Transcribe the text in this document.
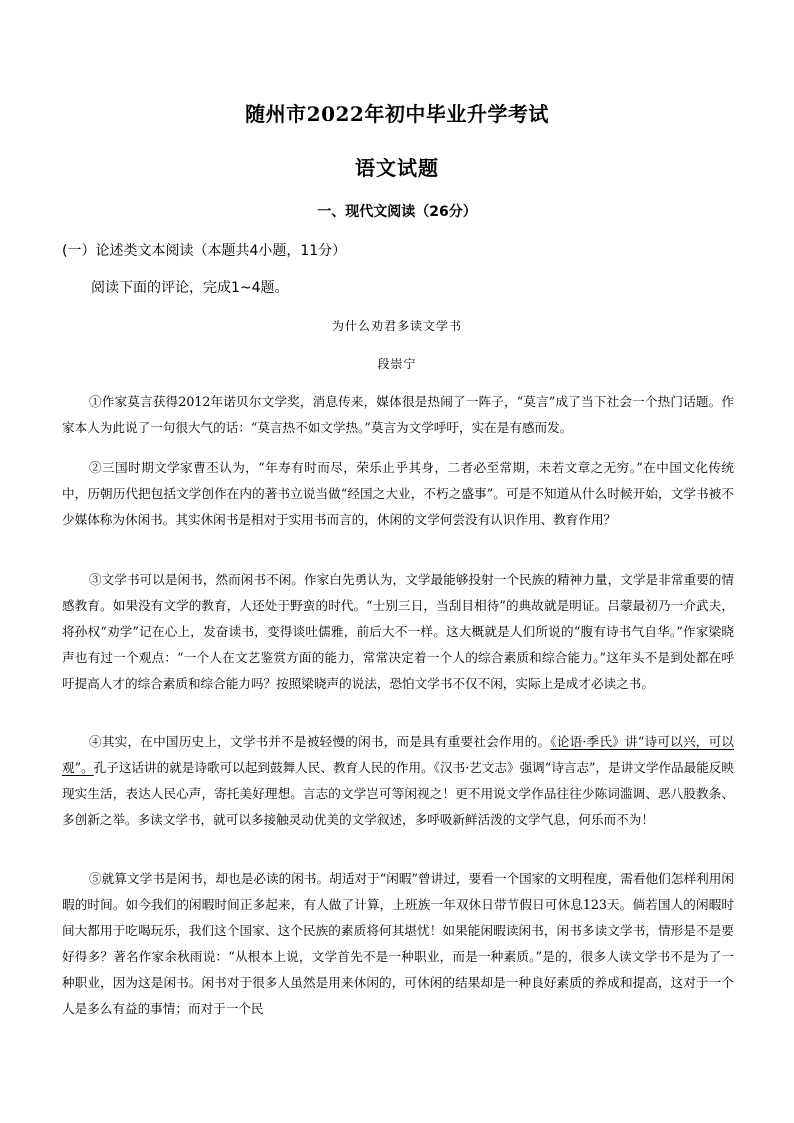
随州市2022年初中毕业升学考试
语文试题
一、现代文阅读（26分）
(一）论述类文本阅读（本题共4小题，11分）
阅读下面的评论，完成1~4题。
为什么劝君多读文学书
段崇宁

①作家莫言获得2012年诺贝尔文学奖，消息传来，媒体很是热闹了一阵子，“莫言”成了当下社会一个热门话题。作家本人为此说了一句很大气的话：“莫言热不如文学热。”莫言为文学呼吁，实在是有感而发。

②三国时期文学家曹丕认为，“年寿有时而尽，荣乐止乎其身，二者必至常期，未若文章之无穷。”在中国文化传统中，历朝历代把包括文学创作在内的著书立说当做“经国之大业，不朽之盛事”。可是不知道从什么时候开始，文学书被不少媒体称为休闲书。其实休闲书是相对于实用书而言的，休闲的文学何尝没有认识作用、教育作用？

③文学书可以是闲书，然而闲书不闲。作家白先勇认为，文学最能够投射一个民族的精神力量，文学是非常重要的情感教育。如果没有文学的教育，人还处于野蛮的时代。“士别三日，当刮目相待”的典故就是明证。吕蒙最初乃一介武夫，将孙权“劝学”记在心上，发奋读书，变得谈吐儒雅，前后大不一样。这大概就是人们所说的“腹有诗书气自华。”作家梁晓声也有过一个观点：“一个人在文艺鉴赏方面的能力，常常决定着一个人的综合素质和综合能力。”这年头不是到处都在呼吁提高人才的综合素质和综合能力吗？按照梁晓声的说法，恐怕文学书不仅不闲，实际上是成才必读之书。

④其实，在中国历史上，文学书并不是被轻慢的闲书，而是具有重要社会作用的。《论语·季氏》讲“诗可以兴，可以观”。孔子这话讲的就是诗歌可以起到鼓舞人民、教育人民的作用。《汉书·艺文志》强调“诗言志”，是讲文学作品最能反映现实生活，表达人民心声，寄托美好理想。言志的文学岂可等闲视之！更不用说文学作品往往少陈词滥调、恶八股教条、多创新之举。多读文学书，就可以多接触灵动优美的文学叙述，多呼吸新鲜活泼的文学气息，何乐而不为！

⑤就算文学书是闲书，却也是必读的闲书。胡适对于“闲暇”曾讲过，要看一个国家的文明程度，需看他们怎样利用闲暇的时间。如今我们的闲暇时间正多起来，有人做了计算，上班族一年双休日带节假日可休息123天。倘若国人的闲暇时间大都用于吃喝玩乐，我们这个国家、这个民族的素质将何其堪忧！如果能闲暇读闲书，闲书多读文学书，情形是不是要好得多？著名作家余秋雨说：“从根本上说，文学首先不是一种职业，而是一种素质。”是的，很多人读文学书不是为了一种职业，因为这是闲书。闲书对于很多人虽然是用来休闲的，可休闲的结果却是一种良好素质的养成和提高，这对于一个人是多么有益的事情；而对于一个民
